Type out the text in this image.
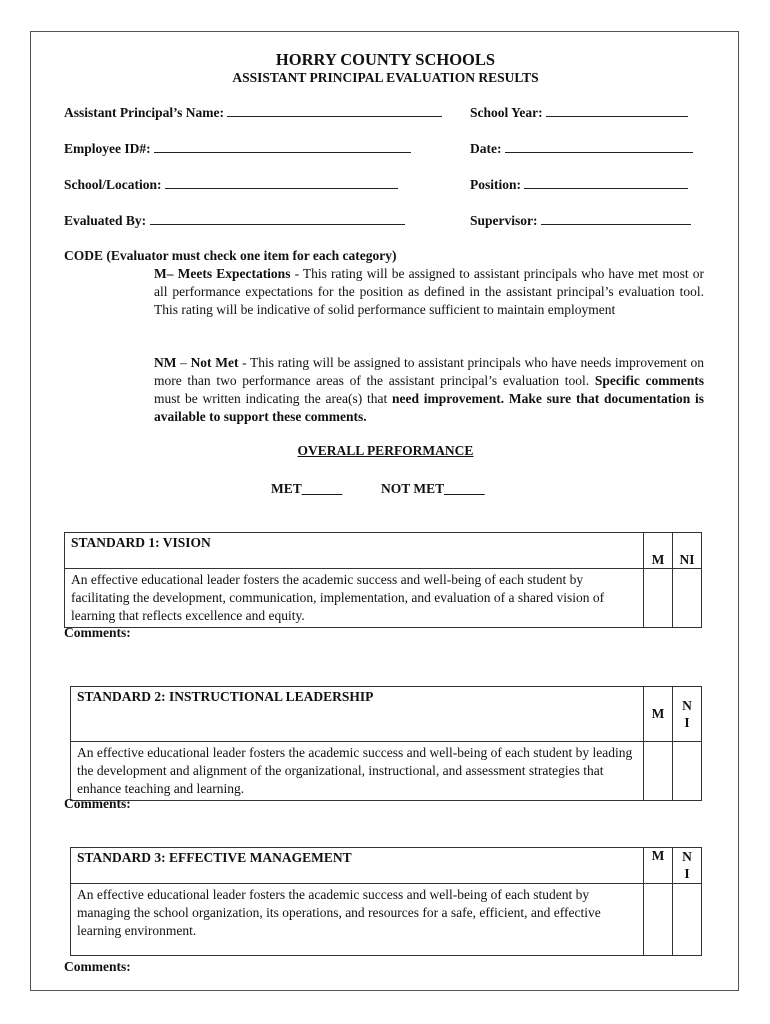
HORRY COUNTY SCHOOLS
ASSISTANT PRINCIPAL EVALUATION RESULTS
Assistant Principal’s Name:	School Year:
Employee ID#:	Date:
School/Location:	Position:
Evaluated By:	Supervisor:
CODE (Evaluator must check one item for each category)
M– Meets Expectations - This rating will be assigned to assistant principals who have met most or all performance expectations for the position as defined in the assistant principal’s evaluation tool. This rating will be indicative of solid performance sufficient to maintain employment
NM – Not Met - This rating will be assigned to assistant principals who have needs improvement on more than two performance areas of the assistant principal’s evaluation tool. Specific comments must be written indicating the area(s) that need improvement. Make sure that documentation is available to support these comments.
OVERALL PERFORMANCE
MET______	NOT MET______
STANDARD 1: VISION	M	NI
An effective educational leader fosters the academic success and well-being of each student by facilitating the development, communication, implementation, and evaluation of a shared vision of learning that reflects excellence and equity.		
Comments:
STANDARD 2: INSTRUCTIONAL LEADERSHIP	M	N I
An effective educational leader fosters the academic success and well-being of each student by leading the development and alignment of the organizational, instructional, and assessment strategies that enhance teaching and learning.		
Comments:
STANDARD 3: EFFECTIVE MANAGEMENT	M	N I
An effective educational leader fosters the academic success and well-being of each student by managing the school organization, its operations, and resources for a safe, efficient, and effective learning environment.		
Comments:
